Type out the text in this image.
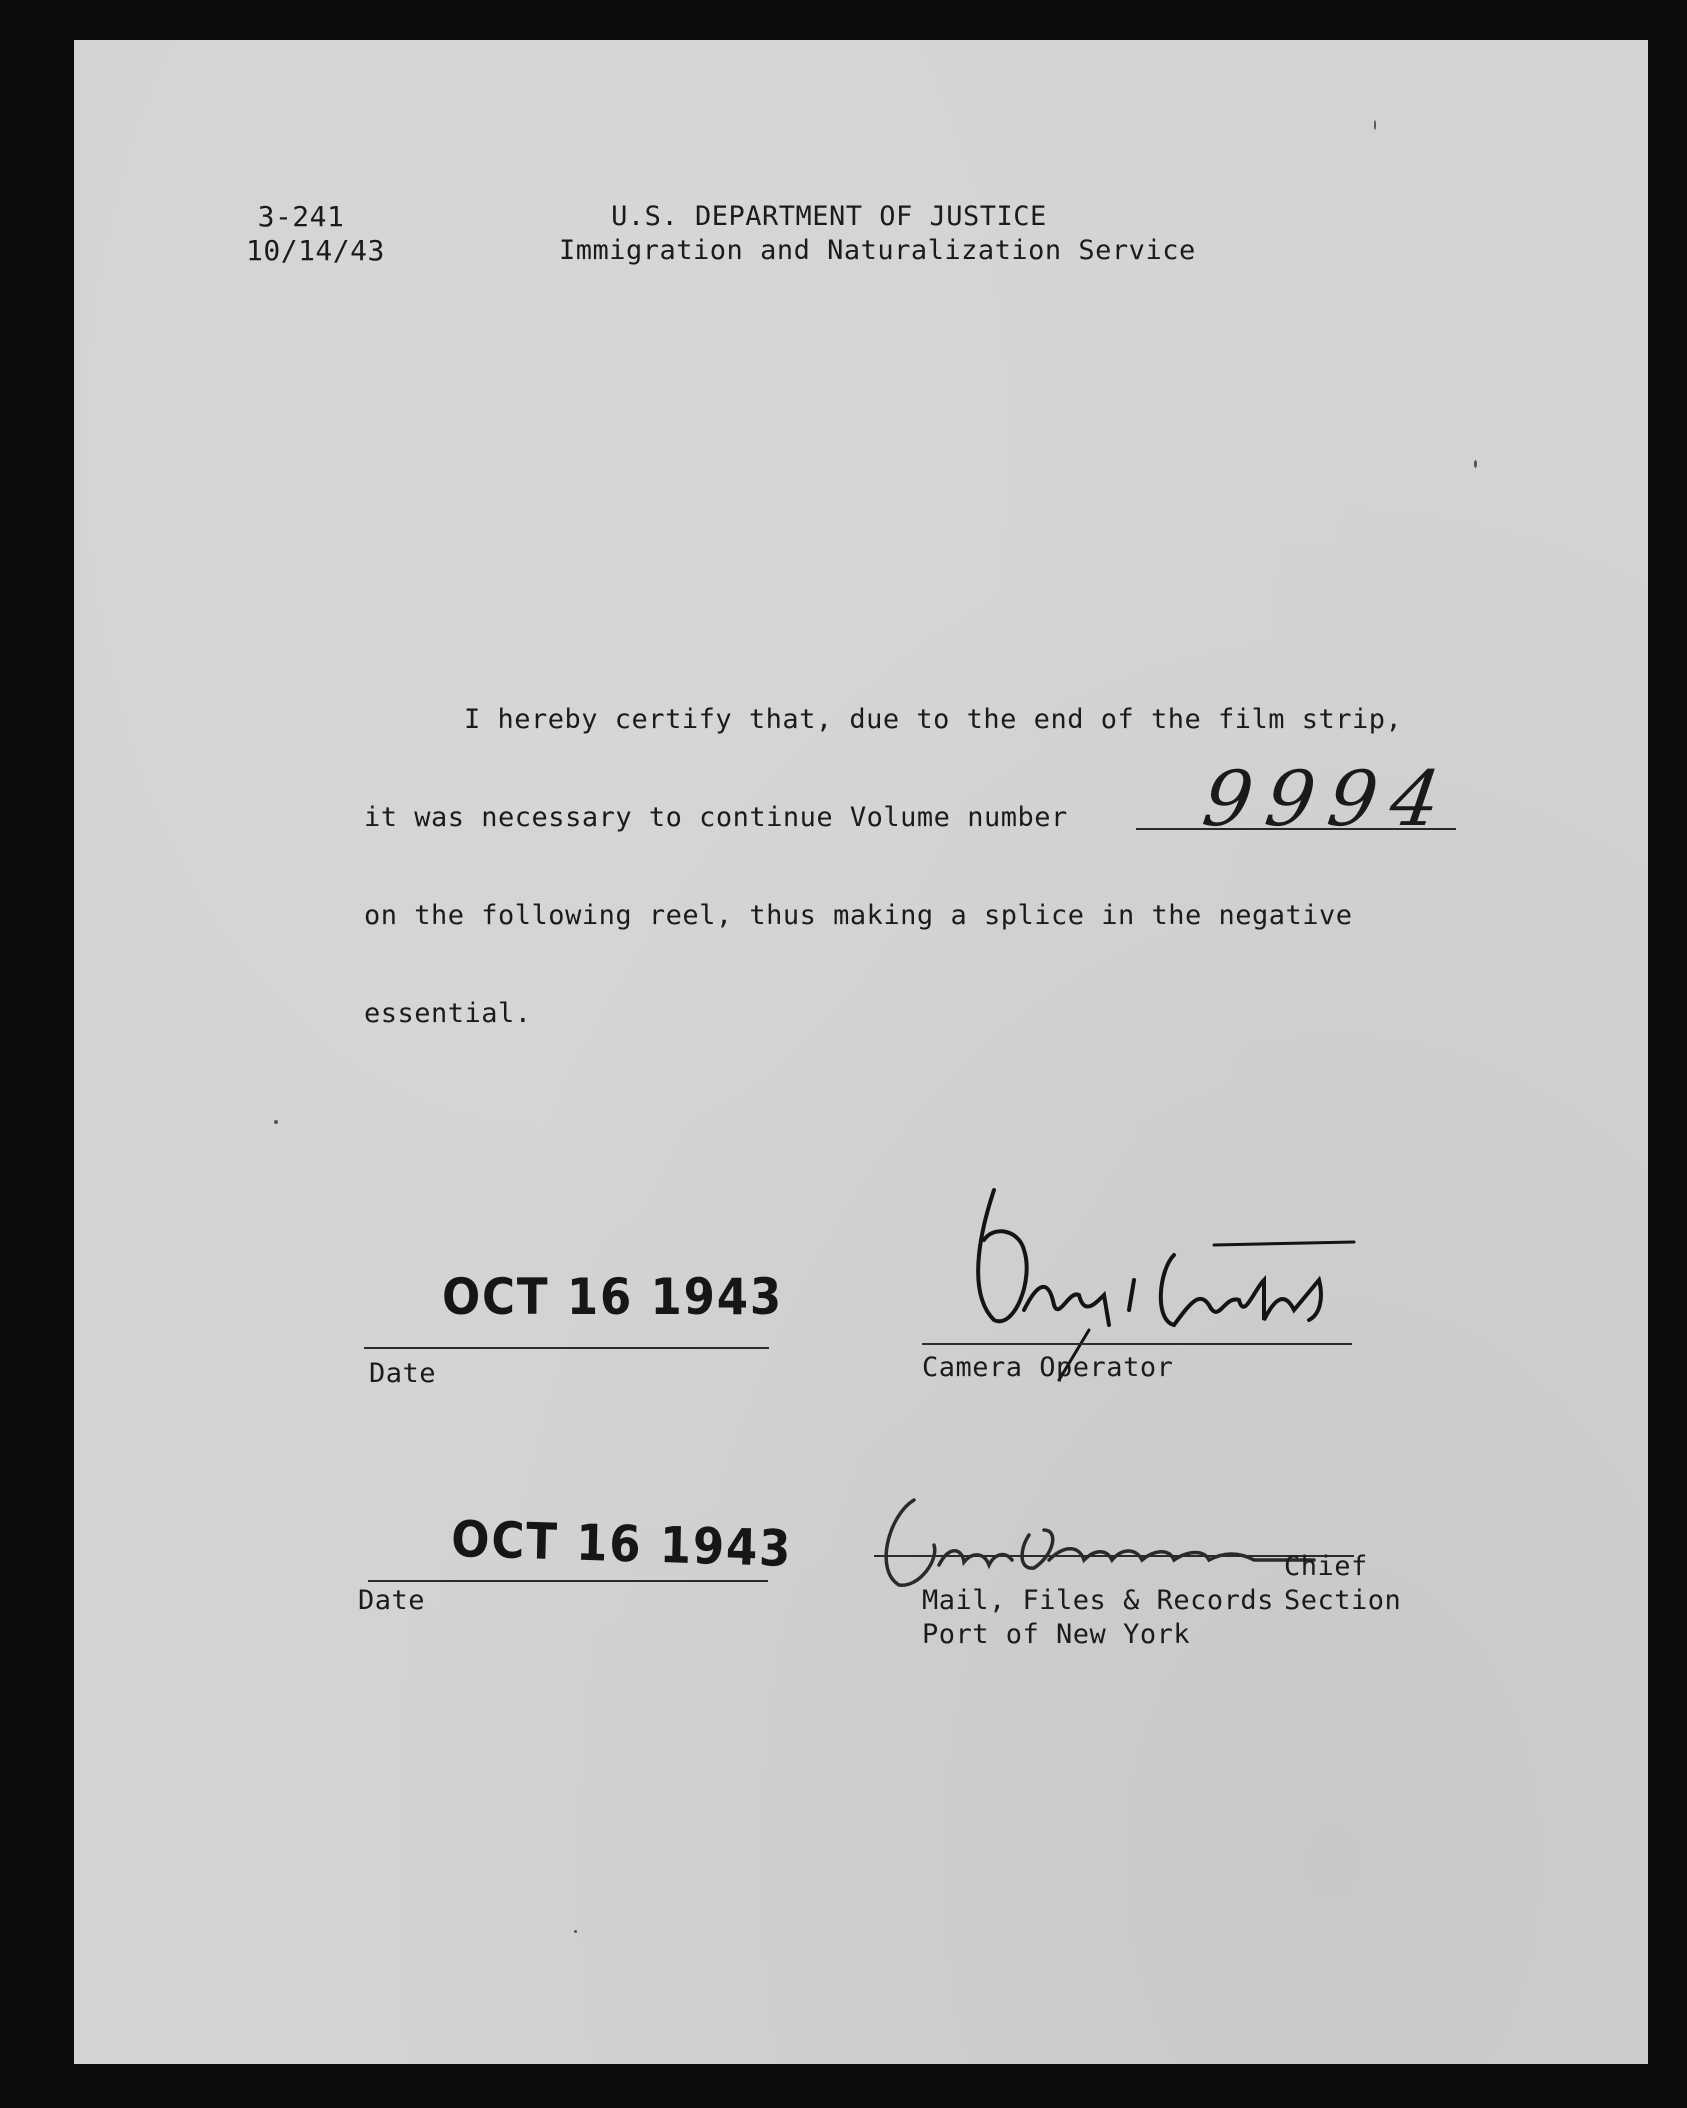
3-241
10/14/43
U.S. DEPARTMENT OF JUSTICE
Immigration and Naturalization Service
I hereby certify that, due to the end of the film strip,
it was necessary to continue Volume number 9994
on the following reel, thus making a splice in the negative
essential.
OCT 16 1943
Date	Camera Operator
OCT 16 1943
Date
Chief
Section
Mail, Files & Records
Port of New York
